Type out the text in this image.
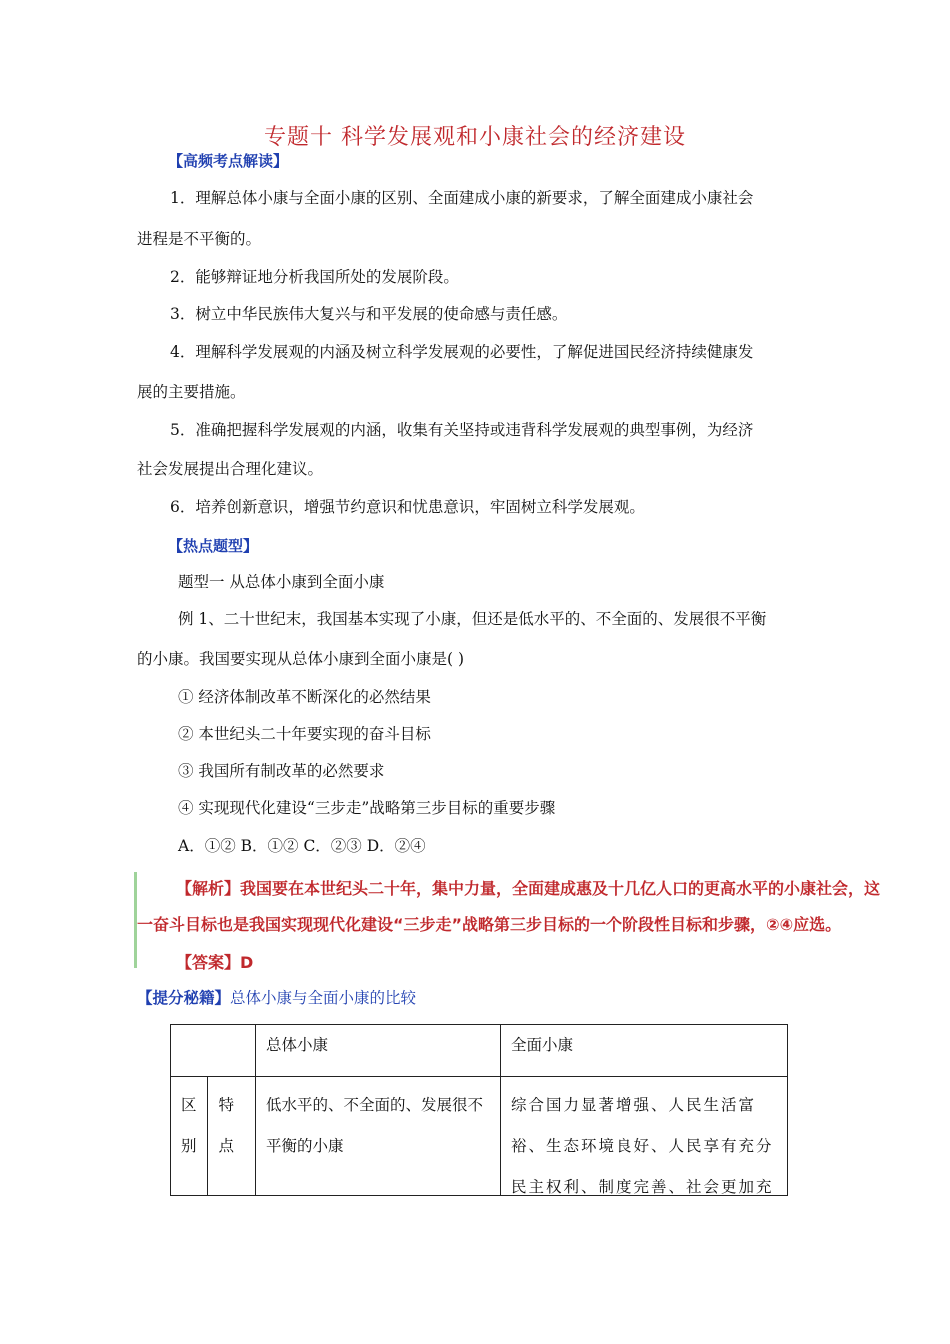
专题十 科学发展观和小康社会的经济建设
【高频考点解读】
1．理解总体小康与全面小康的区别、全面建成小康的新要求，了解全面建成小康社会
进程是不平衡的。
2．能够辩证地分析我国所处的发展阶段。
3．树立中华民族伟大复兴与和平发展的使命感与责任感。
4．理解科学发展观的内涵及树立科学发展观的必要性，了解促进国民经济持续健康发
展的主要措施。
5．准确把握科学发展观的内涵，收集有关坚持或违背科学发展观的典型事例，为经济
社会发展提出合理化建议。
6．培养创新意识，增强节约意识和忧患意识，牢固树立科学发展观。
【热点题型】
题型一 从总体小康到全面小康
例 1、二十世纪末，我国基本实现了小康，但还是低水平的、不全面的、发展很不平衡
的小康。我国要实现从总体小康到全面小康是( )
① 经济体制改革不断深化的必然结果
② 本世纪头二十年要实现的奋斗目标
③ 我国所有制改革的必然要求
④ 实现现代化建设“三步走”战略第三步目标的重要步骤
A．①② B．①② C．②③ D．②④
【解析】我国要在本世纪头二十年，集中力量，全面建成惠及十几亿人口的更高水平的小康社会，这
一奋斗目标也是我国实现现代化建设“三步走”战略第三步目标的一个阶段性目标和步骤，②④应选。
【答案】D
【提分秘籍】总体小康与全面小康的比较

		总体小康	全面小康

区别	特点	低水平的、不全面的、发展很不平衡的小康	综合国力显著增强、人民生活富裕、生态环境良好、人民享有充分民主权利、制度完善、社会更加充
